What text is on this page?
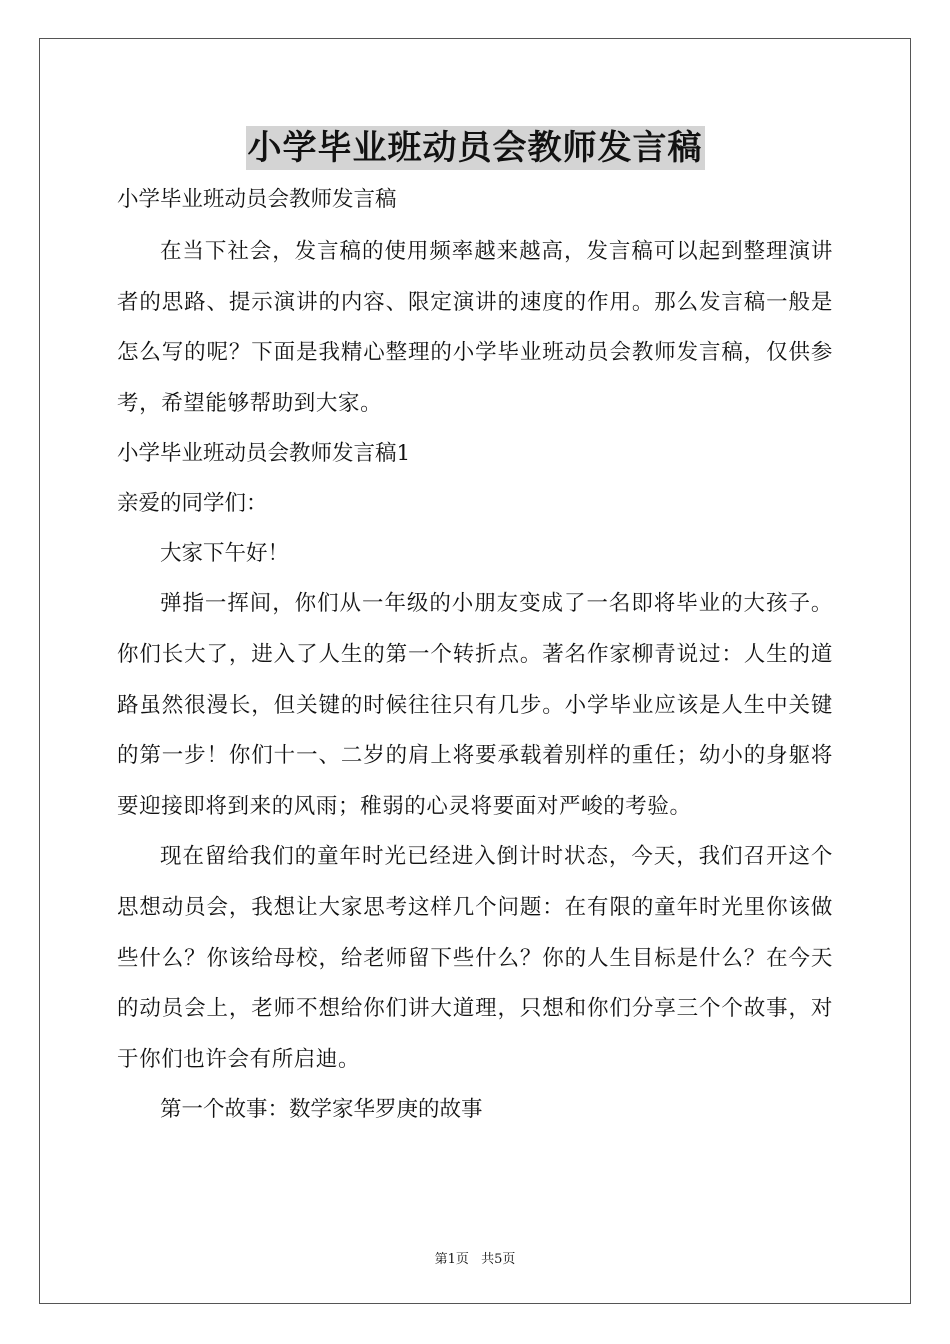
小学毕业班动员会教师发言稿

小学毕业班动员会教师发言稿

在当下社会，发言稿的使用频率越来越高，发言稿可以起到整理演讲者的思路、提示演讲的内容、限定演讲的速度的作用。那么发言稿一般是怎么写的呢？下面是我精心整理的小学毕业班动员会教师发言稿，仅供参考，希望能够帮助到大家。

小学毕业班动员会教师发言稿1

亲爱的同学们：

大家下午好！

弹指一挥间，你们从一年级的小朋友变成了一名即将毕业的大孩子。你们长大了，进入了人生的第一个转折点。著名作家柳青说过：人生的道路虽然很漫长，但关键的时候往往只有几步。小学毕业应该是人生中关键的第一步！你们十一、二岁的肩上将要承载着别样的重任；幼小的身躯将要迎接即将到来的风雨；稚弱的心灵将要面对严峻的考验。

现在留给我们的童年时光已经进入倒计时状态，今天，我们召开这个思想动员会，我想让大家思考这样几个问题：在有限的童年时光里你该做些什么？你该给母校，给老师留下些什么？你的人生目标是什么？在今天的动员会上，老师不想给你们讲大道理，只想和你们分享三个个故事，对于你们也许会有所启迪。

第一个故事：数学家华罗庚的故事

第1页 共5页
